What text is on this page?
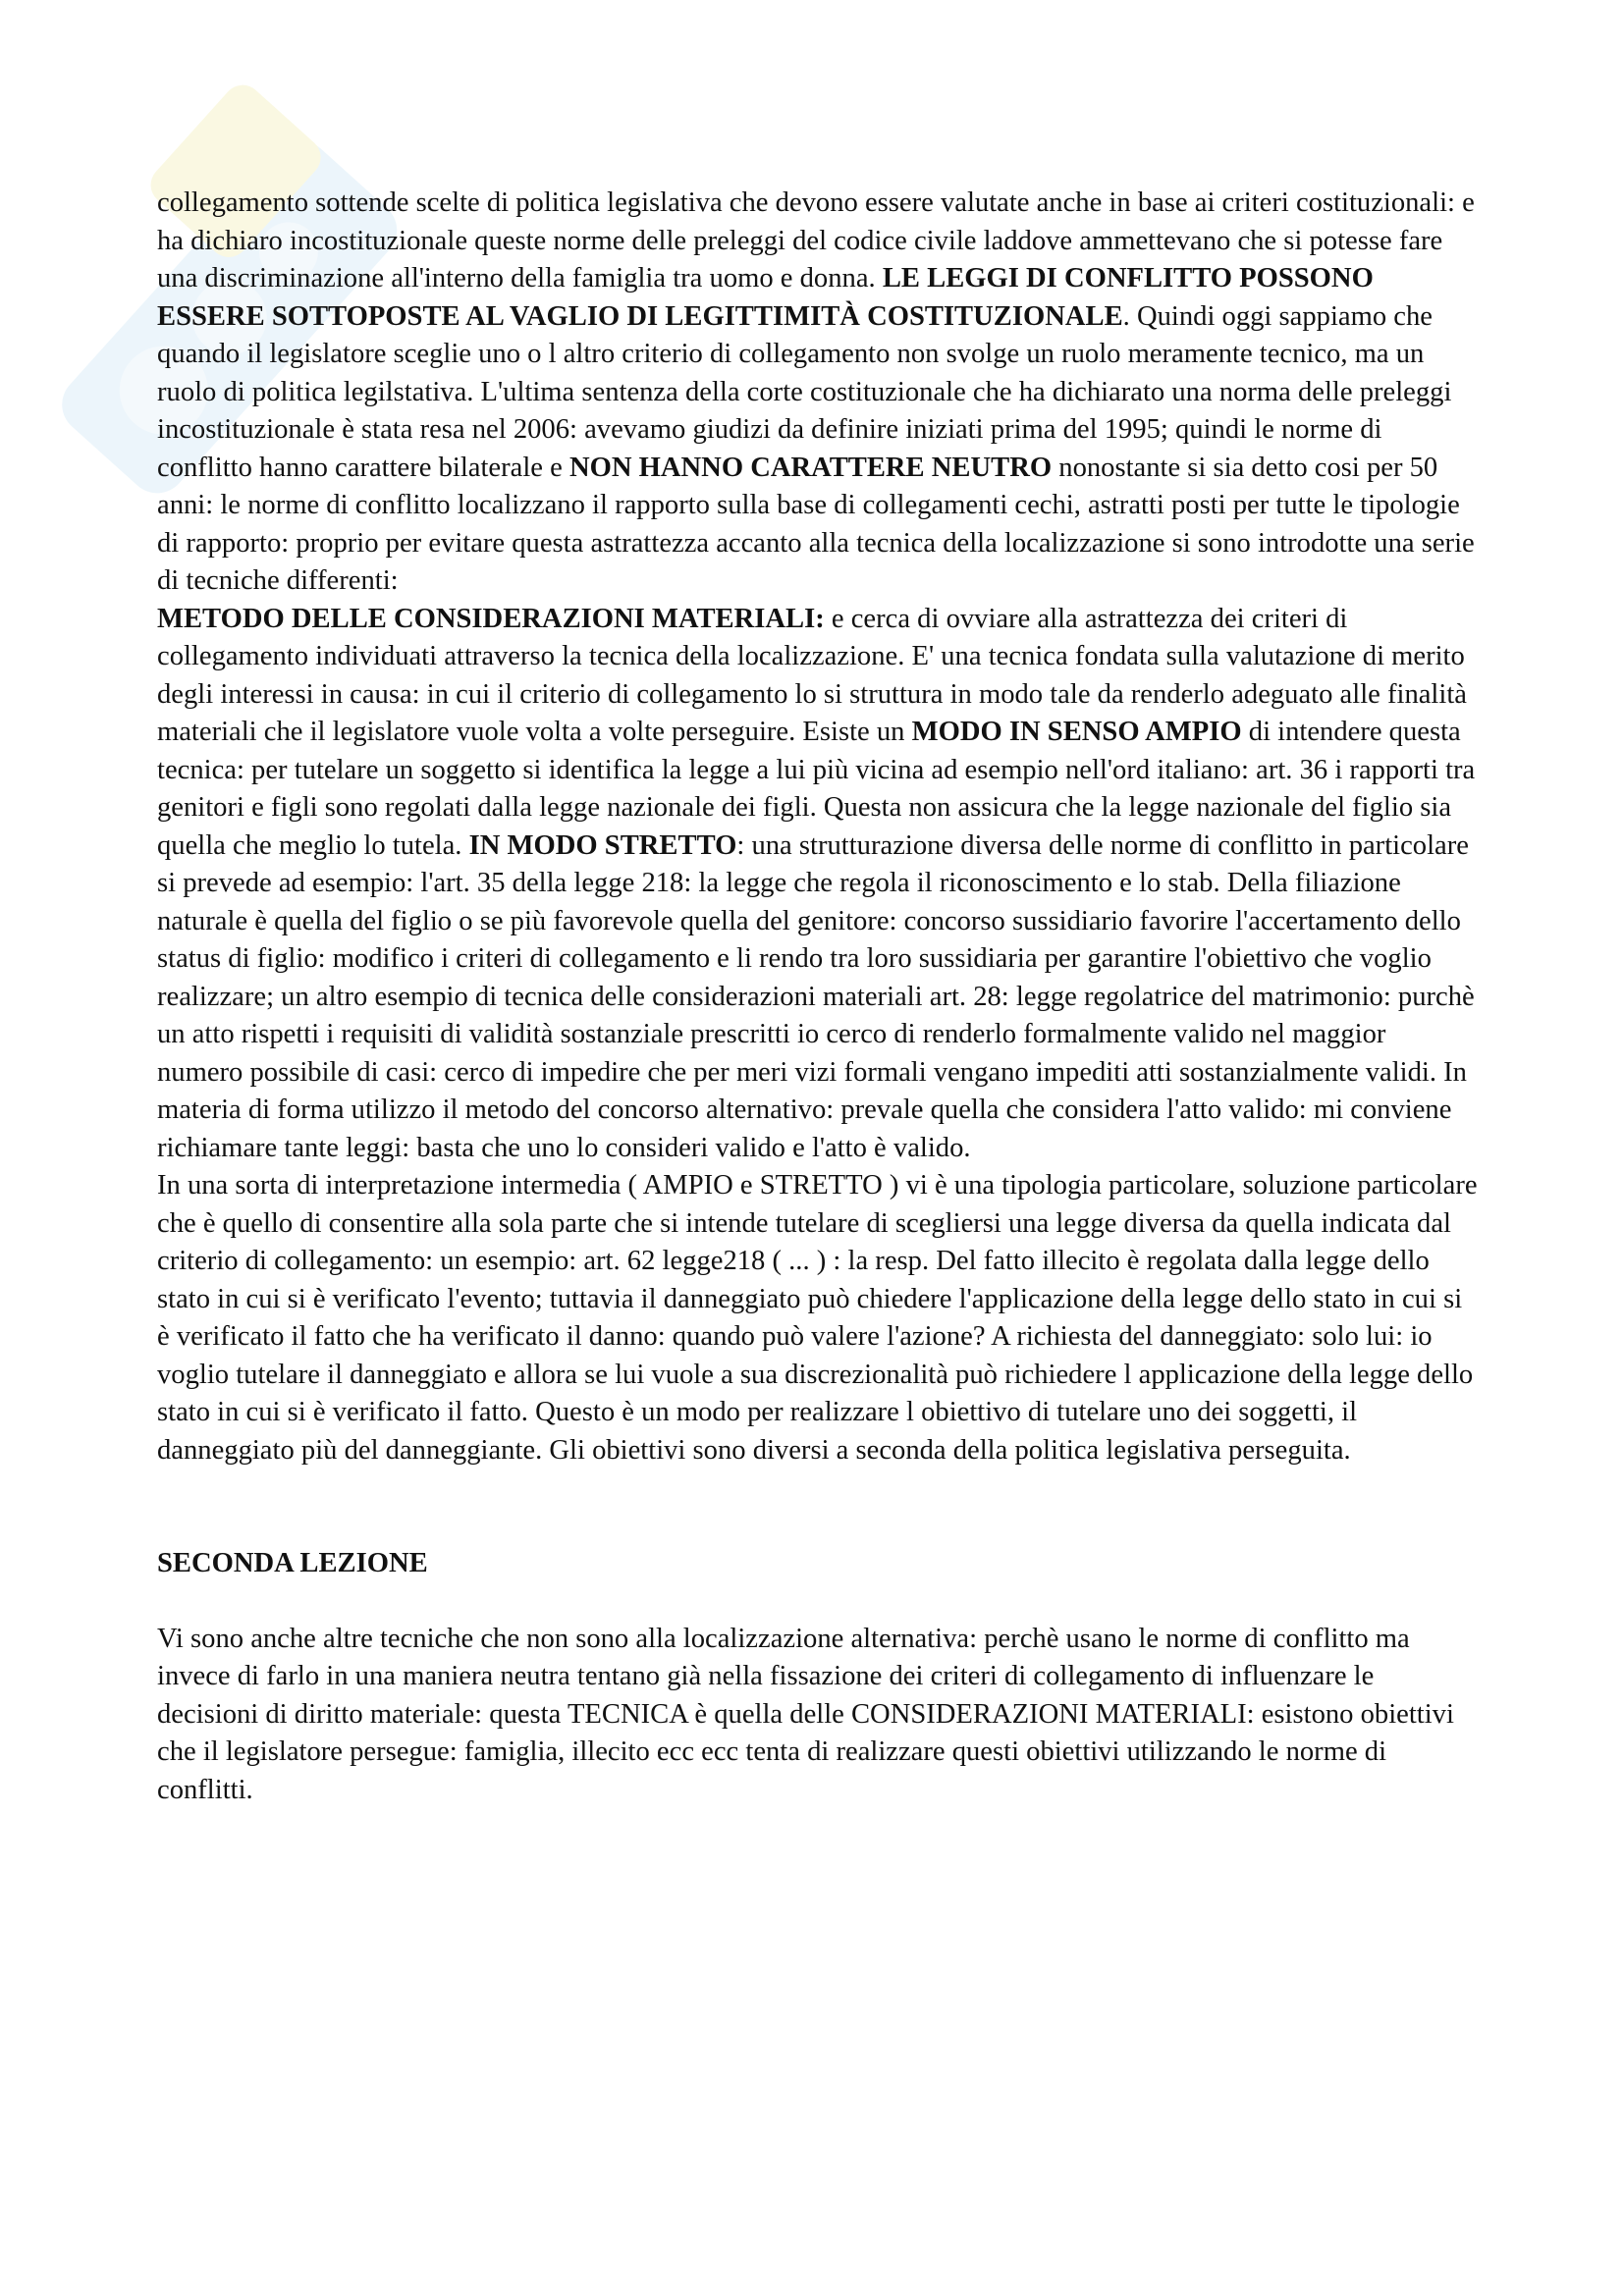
collegamento sottende scelte di politica legislativa che devono essere valutate anche in base ai criteri costituzionali: e ha dichiaro incostituzionale queste norme delle preleggi del codice civile laddove ammettevano che si potesse fare una discriminazione all'interno della famiglia tra uomo e donna. LE LEGGI DI CONFLITTO POSSONO ESSERE SOTTOPOSTE AL VAGLIO DI LEGITTIMITÀ COSTITUZIONALE. Quindi oggi sappiamo che quando il legislatore sceglie uno o l altro criterio di collegamento non svolge un ruolo meramente tecnico, ma un ruolo di politica legilstativa. L'ultima sentenza della corte costituzionale che ha dichiarato una norma delle preleggi incostituzionale è stata resa nel 2006: avevamo giudizi da definire iniziati prima del 1995; quindi le norme di conflitto hanno carattere bilaterale e NON HANNO CARATTERE NEUTRO nonostante si sia detto cosi per 50 anni: le norme di conflitto localizzano il rapporto sulla base di collegamenti cechi, astratti posti per tutte le tipologie di rapporto: proprio per evitare questa astrattezza accanto alla tecnica della localizzazione si sono introdotte una serie di tecniche differenti:

METODO DELLE CONSIDERAZIONI MATERIALI: e cerca di ovviare alla astrattezza dei criteri di collegamento individuati attraverso la tecnica della localizzazione. E' una tecnica fondata sulla valutazione di merito degli interessi in causa: in cui il criterio di collegamento lo si struttura in modo tale da renderlo adeguato alle finalità materiali che il legislatore vuole volta a volte perseguire. Esiste un MODO IN SENSO AMPIO di intendere questa tecnica: per tutelare un soggetto si identifica la legge a lui più vicina ad esempio nell'ord italiano: art. 36 i rapporti tra genitori e figli sono regolati dalla legge nazionale dei figli. Questa non assicura che la legge nazionale del figlio sia quella che meglio lo tutela. IN MODO STRETTO: una strutturazione diversa delle norme di conflitto in particolare si prevede ad esempio: l'art. 35 della legge 218: la legge che regola il riconoscimento e lo stab. Della filiazione naturale è quella del figlio o se più favorevole quella del genitore: concorso sussidiario favorire l'accertamento dello status di figlio: modifico i criteri di collegamento e li rendo tra loro sussidiaria per garantire l'obiettivo che voglio realizzare; un altro esempio di tecnica delle considerazioni materiali art. 28: legge regolatrice del matrimonio: purchè un atto rispetti i requisiti di validità sostanziale prescritti io cerco di renderlo formalmente valido nel maggior numero possibile di casi: cerco di impedire che per meri vizi formali vengano impediti atti sostanzialmente validi. In materia di forma utilizzo il metodo del concorso alternativo: prevale quella che considera l'atto valido: mi conviene richiamare tante leggi: basta che uno lo consideri valido e l'atto è valido.

In una sorta di interpretazione intermedia ( AMPIO e STRETTO ) vi è una tipologia particolare, soluzione particolare che è quello di consentire alla sola parte che si intende tutelare di scegliersi una legge diversa da quella indicata dal criterio di collegamento: un esempio: art. 62 legge218 ( ... ) : la resp. Del fatto illecito è regolata dalla legge dello stato in cui si è verificato l'evento; tuttavia il danneggiato può chiedere l'applicazione della legge dello stato in cui si è verificato il fatto che ha verificato il danno: quando può valere l'azione? A richiesta del danneggiato: solo lui: io voglio tutelare il danneggiato e allora se lui vuole a sua discrezionalità può richiedere l applicazione della legge dello stato in cui si è verificato il fatto. Questo è un modo per realizzare l obiettivo di tutelare uno dei soggetti, il danneggiato più del danneggiante. Gli obiettivi sono diversi a seconda della politica legislativa perseguita.

SECONDA LEZIONE

Vi sono anche altre tecniche che non sono alla localizzazione alternativa: perchè usano le norme di conflitto ma invece di farlo in una maniera neutra tentano già nella fissazione dei criteri di collegamento di influenzare le decisioni di diritto materiale: questa TECNICA è quella delle CONSIDERAZIONI MATERIALI: esistono obiettivi che il legislatore persegue: famiglia, illecito ecc ecc tenta di realizzare questi obiettivi utilizzando le norme di conflitti.
